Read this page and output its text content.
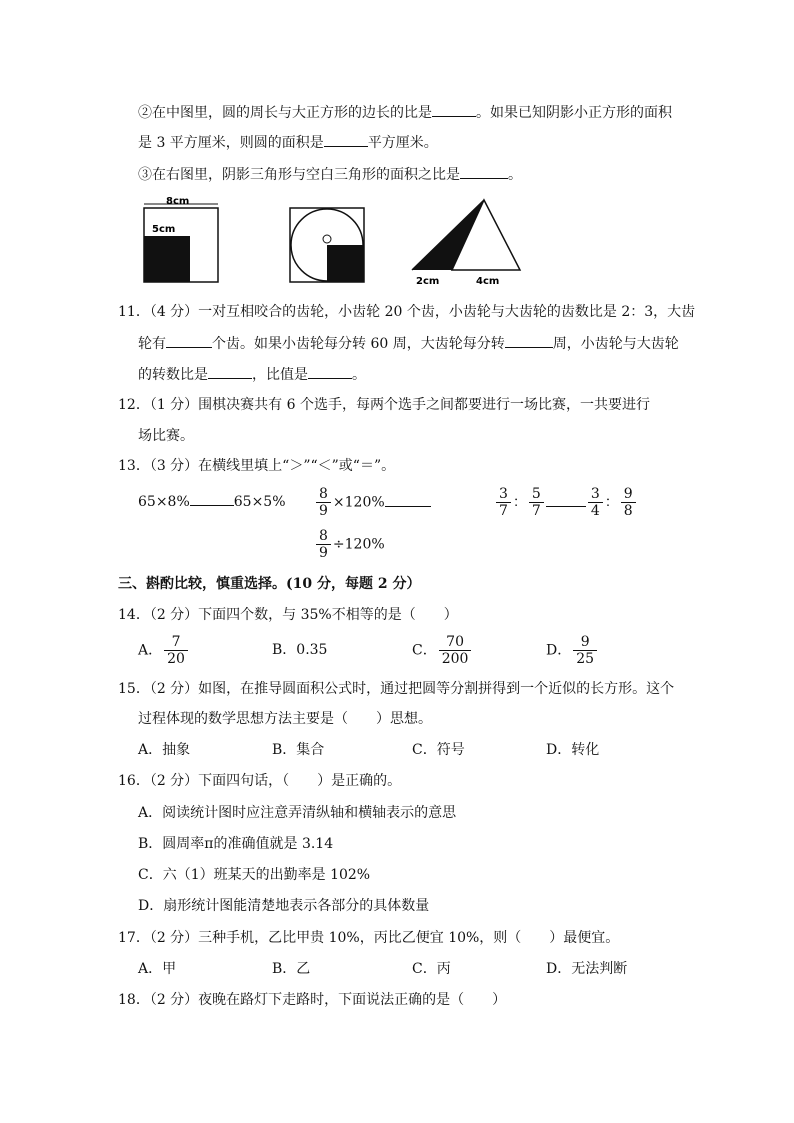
②在中图里，圆的周长与大正方形的边长的比是	。如果已知阴影小正方形的面积
是 3 平方厘米，则圆的面积是	平方厘米。
③在右图里，阴影三角形与空白三角形的面积之比是	。
8cm
5cm
2cm	4cm
11．（4 分）一对互相咬合的齿轮，小齿轮 20 个齿，小齿轮与大齿轮的齿数比是 2：3，大齿
轮有	个齿。如果小齿轮每分转 60 周，大齿轮每分转	周，小齿轮与大齿轮
的转数比是	，比值是	。
12．（1 分）围棋决赛共有 6 个选手，每两个选手之间都要进行一场比赛，一共要进行
场比赛。
13．（3 分）在横线里填上“＞”“＜”或“＝”。
65×8%	$65\times 5\% \frac{8}{9} \times 120\%$	$\frac{3}{7}$ ： $\frac{5}{7}$	$\frac{3}{4}$ ： $\frac{9}{8}$
$\frac{8}{9} \div 120\%$
三、斟酌比较，慎重选择。(10 分，每题 2 分）
14．（2 分）下面四个数，与 35%不相等的是（　　）
A． $\frac{7}{20}$	B．0.35	C． $\frac{70}{200}$	D． $\frac{9}{25}$
15．（2 分）如图，在推导圆面积公式时，通过把圆等分割拼得到一个近似的长方形。这个
过程体现的数学思想方法主要是（　　）思想。
A．抽象	B．集合	C．符号	D．转化
16．（2 分）下面四句话，（　　）是正确的。
A．阅读统计图时应注意弄清纵轴和横轴表示的意思
B．圆周率π的准确值就是 3.14
C．六（1）班某天的出勤率是 102%
D．扇形统计图能清楚地表示各部分的具体数量
17．（2 分）三种手机，乙比甲贵 10%，丙比乙便宜 10%，则（　　）最便宜。
A．甲	B．乙	C．丙	D．无法判断
18．（2 分）夜晚在路灯下走路时，下面说法正确的是（　　）
